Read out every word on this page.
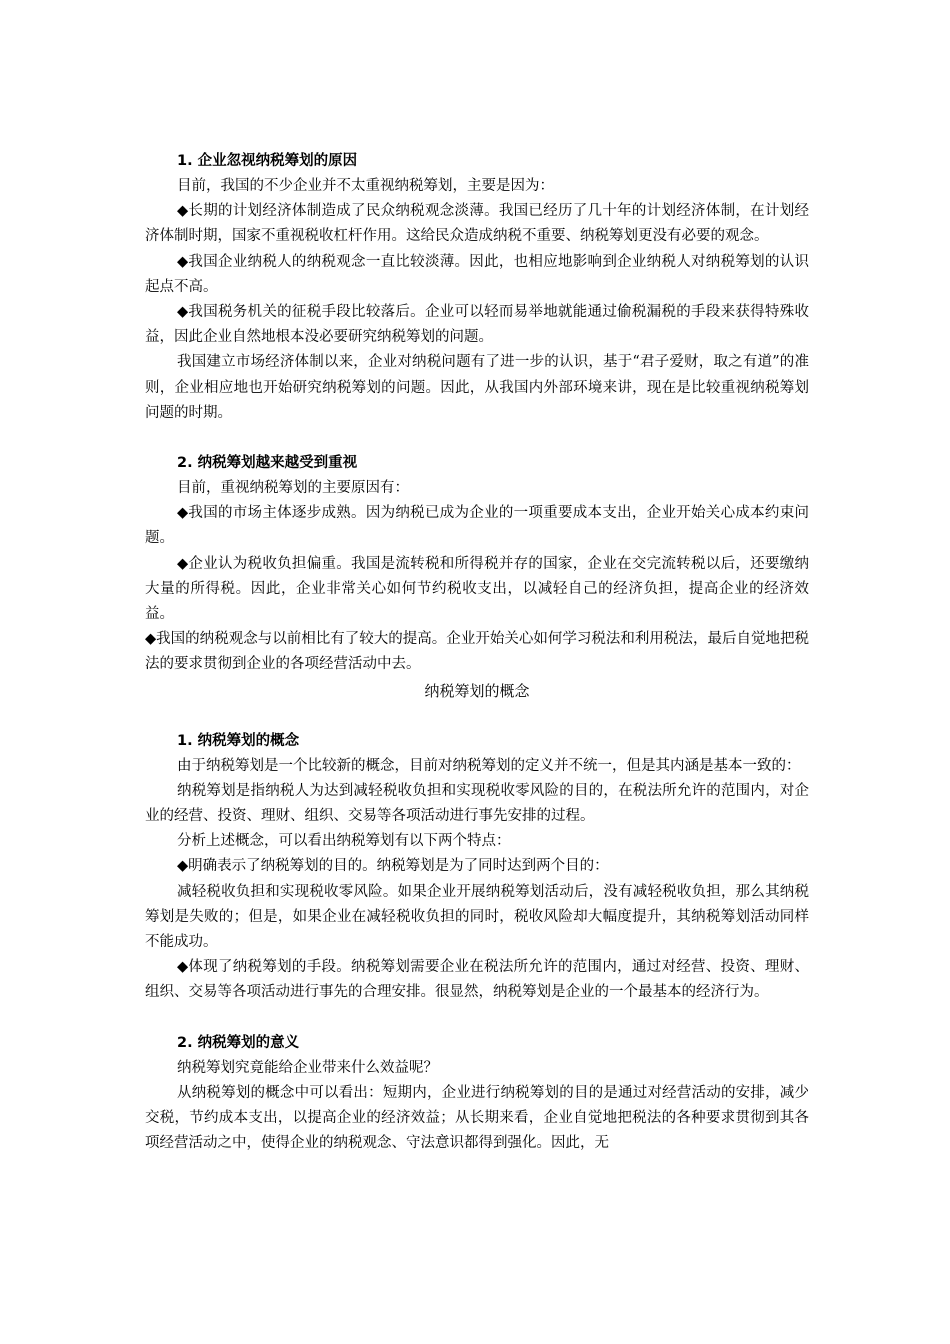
1. 企业忽视纳税筹划的原因

目前，我国的不少企业并不太重视纳税筹划，主要是因为：

◆长期的计划经济体制造成了民众纳税观念淡薄。我国已经历了几十年的计划经济体制，在计划经济体制时期，国家不重视税收杠杆作用。这给民众造成纳税不重要、纳税筹划更没有必要的观念。

◆我国企业纳税人的纳税观念一直比较淡薄。因此，也相应地影响到企业纳税人对纳税筹划的认识起点不高。

◆我国税务机关的征税手段比较落后。企业可以轻而易举地就能通过偷税漏税的手段来获得特殊收益，因此企业自然地根本没必要研究纳税筹划的问题。

我国建立市场经济体制以来，企业对纳税问题有了进一步的认识，基于“君子爱财，取之有道”的准则，企业相应地也开始研究纳税筹划的问题。因此，从我国内外部环境来讲，现在是比较重视纳税筹划问题的时期。

2. 纳税筹划越来越受到重视

目前，重视纳税筹划的主要原因有：

◆我国的市场主体逐步成熟。因为纳税已成为企业的一项重要成本支出，企业开始关心成本约束问题。

◆企业认为税收负担偏重。我国是流转税和所得税并存的国家，企业在交完流转税以后，还要缴纳大量的所得税。因此，企业非常关心如何节约税收支出，以减轻自己的经济负担，提高企业的经济效益。

◆我国的纳税观念与以前相比有了较大的提高。企业开始关心如何学习税法和利用税法，最后自觉地把税法的要求贯彻到企业的各项经营活动中去。

纳税筹划的概念
1. 纳税筹划的概念

由于纳税筹划是一个比较新的概念，目前对纳税筹划的定义并不统一，但是其内涵是基本一致的：

纳税筹划是指纳税人为达到减轻税收负担和实现税收零风险的目的，在税法所允许的范围内，对企业的经营、投资、理财、组织、交易等各项活动进行事先安排的过程。

分析上述概念，可以看出纳税筹划有以下两个特点：

◆明确表示了纳税筹划的目的。纳税筹划是为了同时达到两个目的：

减轻税收负担和实现税收零风险。如果企业开展纳税筹划活动后，没有减轻税收负担，那么其纳税筹划是失败的；但是，如果企业在减轻税收负担的同时，税收风险却大幅度提升，其纳税筹划活动同样不能成功。

◆体现了纳税筹划的手段。纳税筹划需要企业在税法所允许的范围内，通过对经营、投资、理财、组织、交易等各项活动进行事先的合理安排。很显然，纳税筹划是企业的一个最基本的经济行为。

2. 纳税筹划的意义

纳税筹划究竟能给企业带来什么效益呢？

从纳税筹划的概念中可以看出：短期内，企业进行纳税筹划的目的是通过对经营活动的安排，减少交税，节约成本支出，以提高企业的经济效益；从长期来看，企业自觉地把税法的各种要求贯彻到其各项经营活动之中，使得企业的纳税观念、守法意识都得到强化。因此，无
